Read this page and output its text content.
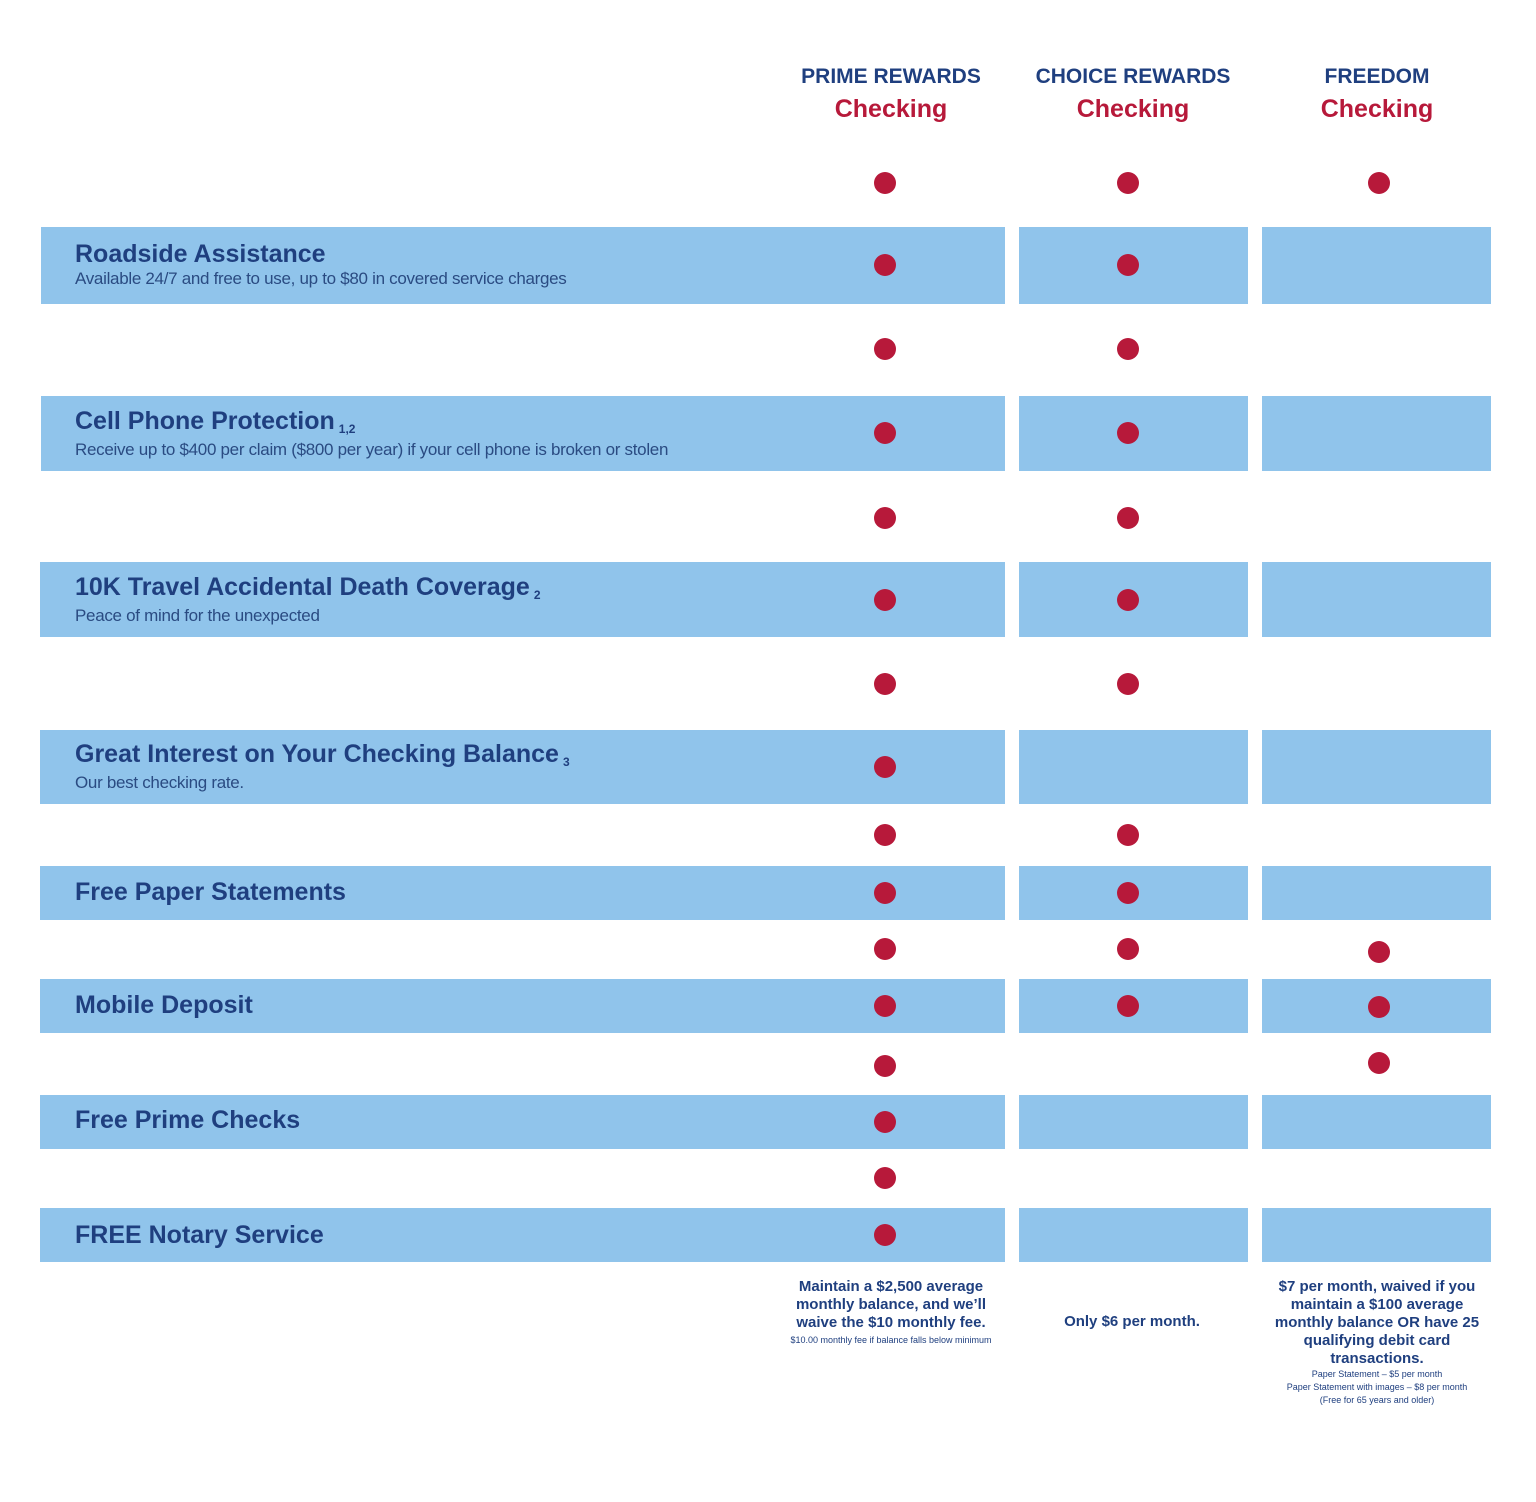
PRIME REWARDS
Checking
CHOICE REWARDS
Checking
FREEDOM
Checking
Roadside Assistance
Available 24/7 and free to use, up to $80 in covered service charges
Cell Phone Protection $^{1,2}$
Receive up to $400 per claim ($800 per year) if your cell phone is broken or stolen
10K Travel Accidental Death Coverage $^2$
Peace of mind for the unexpected
Great Interest on Your Checking Balance $^3$
Our best checking rate.
Free Paper Statements
Mobile Deposit
Free Prime Checks
FREE Notary Service
Maintain a $2,500 average monthly balance, and we’ll waive the $10 monthly fee.
$10.00 monthly fee if balance falls below minimum
Only $6 per month.
$7 per month, waived if you maintain a $100 average monthly balance OR have 25 qualifying debit card transactions.
Paper Statement – $5 per month
Paper Statement with images – $8 per month
(Free for 65 years and older)
